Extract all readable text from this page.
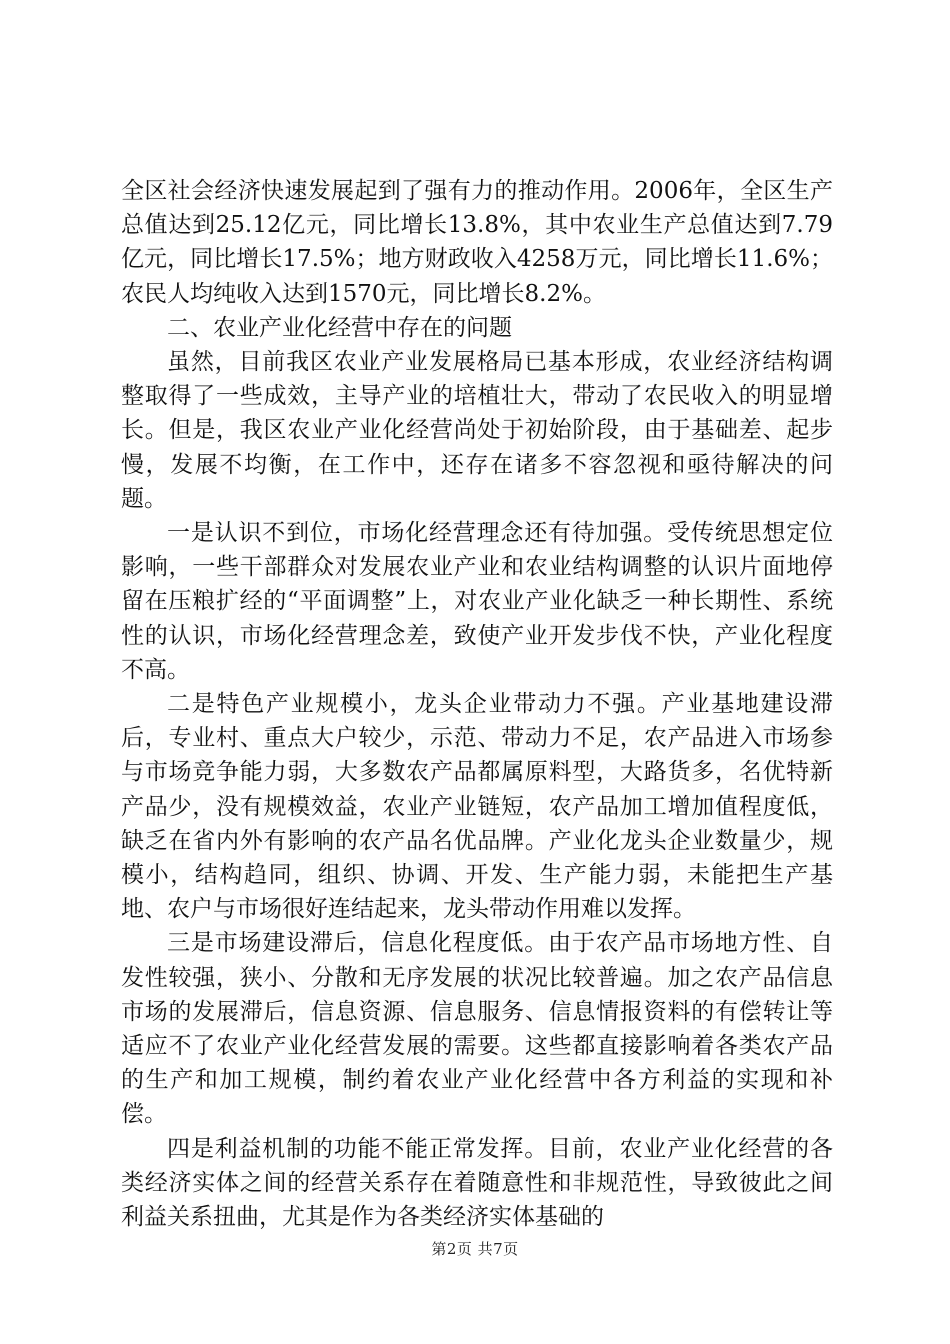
全区社会经济快速发展起到了强有力的推动作用。2006年，全区生产总值达到25.12亿元，同比增长13.8%，其中农业生产总值达到7.79亿元，同比增长17.5%；地方财政收入4258万元，同比增长11.6%；农民人均纯收入达到1570元，同比增长8.2%。

二、农业产业化经营中存在的问题

虽然，目前我区农业产业发展格局已基本形成，农业经济结构调整取得了一些成效，主导产业的培植壮大，带动了农民收入的明显增长。但是，我区农业产业化经营尚处于初始阶段，由于基础差、起步慢，发展不均衡，在工作中，还存在诸多不容忽视和亟待解决的问题。

一是认识不到位，市场化经营理念还有待加强。受传统思想定位影响，一些干部群众对发展农业产业和农业结构调整的认识片面地停留在压粮扩经的“平面调整”上，对农业产业化缺乏一种长期性、系统性的认识，市场化经营理念差，致使产业开发步伐不快，产业化程度不高。

二是特色产业规模小，龙头企业带动力不强。产业基地建设滞后，专业村、重点大户较少，示范、带动力不足，农产品进入市场参与市场竞争能力弱，大多数农产品都属原料型，大路货多，名优特新产品少，没有规模效益，农业产业链短，农产品加工增加值程度低，缺乏在省内外有影响的农产品名优品牌。产业化龙头企业数量少，规模小，结构趋同，组织、协调、开发、生产能力弱，未能把生产基地、农户与市场很好连结起来，龙头带动作用难以发挥。

三是市场建设滞后，信息化程度低。由于农产品市场地方性、自发性较强，狭小、分散和无序发展的状况比较普遍。加之农产品信息市场的发展滞后，信息资源、信息服务、信息情报资料的有偿转让等适应不了农业产业化经营发展的需要。这些都直接影响着各类农产品的生产和加工规模，制约着农业产业化经营中各方利益的实现和补偿。

四是利益机制的功能不能正常发挥。目前，农业产业化经营的各类经济实体之间的经营关系存在着随意性和非规范性，导致彼此之间利益关系扭曲，尤其是作为各类经济实体基础的

第2页 共7页
